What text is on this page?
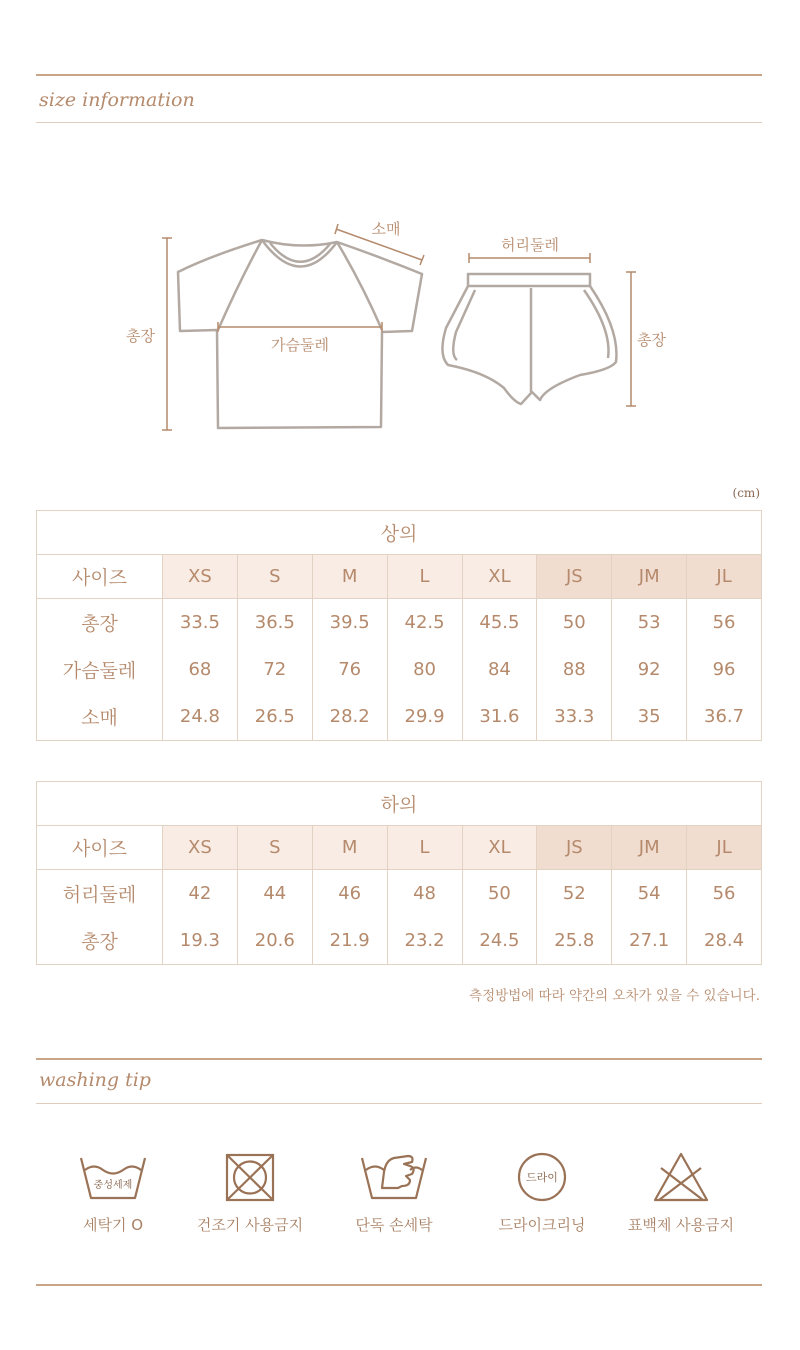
size information
총장
소매
가슴둘레
허리둘레
총장
(cm)
상의								
사이즈	XS	S	M	L	XL	JS	JM	JL
총장	33.5	36.5	39.5	42.5	45.5	50	53	56
가슴둘레	68	72	76	80	84	88	92	96
소매	24.8	26.5	28.2	29.9	31.6	33.3	35	36.7
하의								
사이즈	XS	S	M	L	XL	JS	JM	JL
허리둘레	42	44	46	48	50	52	54	56
총장	19.3	20.6	21.9	23.2	24.5	25.8	27.1	28.4
측정방법에 따라 약간의 오차가 있을 수 있습니다.
washing tip
중성세제
세탁기 O	건조기 사용금지	단독 손세탁
드라이
드라이크리닝	표백제 사용금지
